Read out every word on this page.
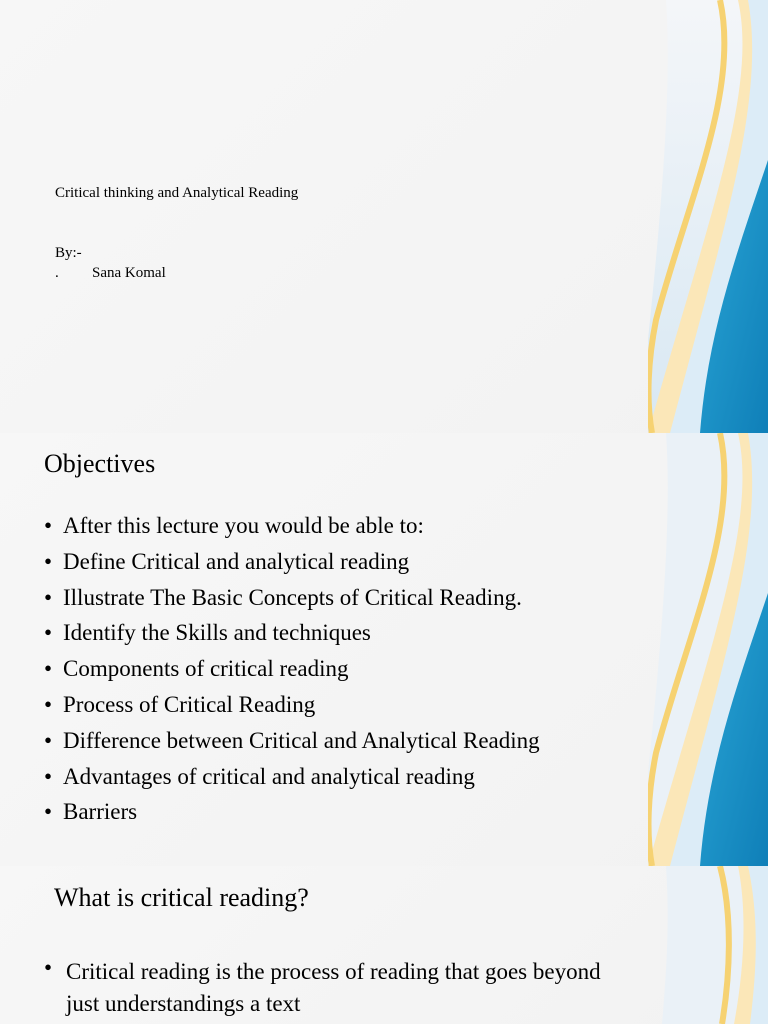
Critical thinking and Analytical Reading
By:-
. Sana Komal
Objectives
• After this lecture you would be able to:
• Define Critical and analytical reading
• Illustrate The Basic Concepts of Critical Reading.
• Identify the Skills and techniques
• Components of critical reading
• Process of Critical Reading
• Difference between Critical and Analytical Reading
• Advantages of critical and analytical reading
• Barriers
What is critical reading?
• Critical reading is the process of reading that goes beyond just understandings a text
